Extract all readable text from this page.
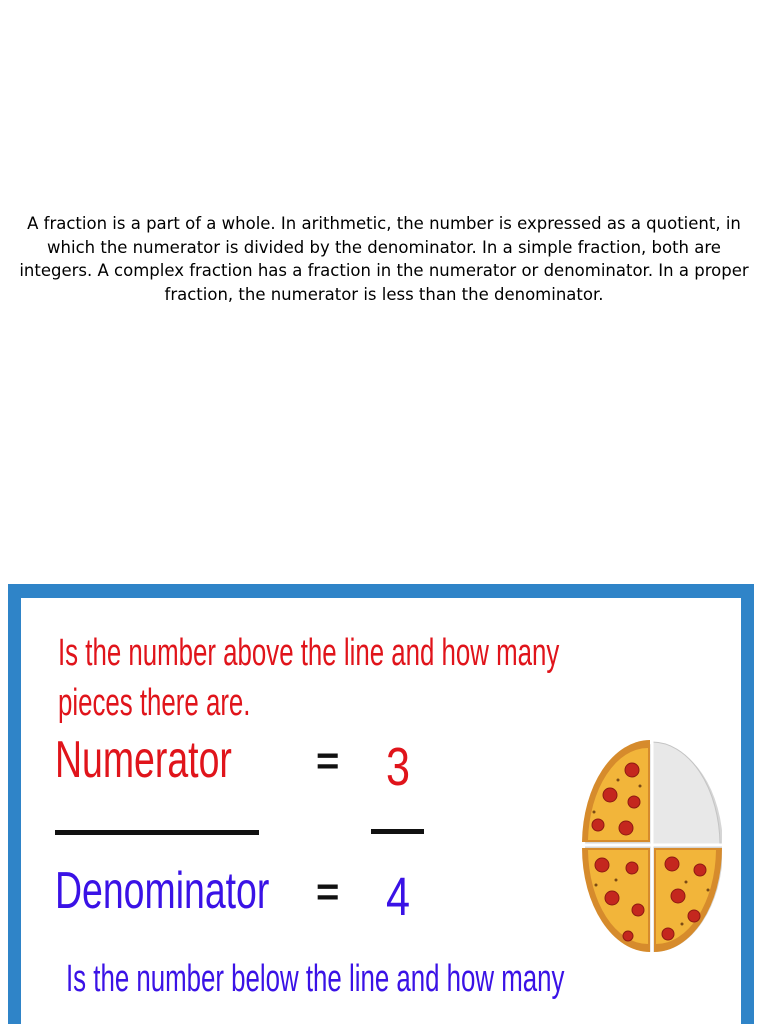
A fraction is a part of a whole. In arithmetic, the number is expressed as a quotient, in which the numerator is divided by the denominator. In a simple fraction, both are integers. A complex fraction has a fraction in the numerator or denominator. In a proper fraction, the numerator is less than the denominator.

Is the number above the line and how many
pieces there are.
Numerator = 3
Denominator = 4
Is the number below the line and how many
